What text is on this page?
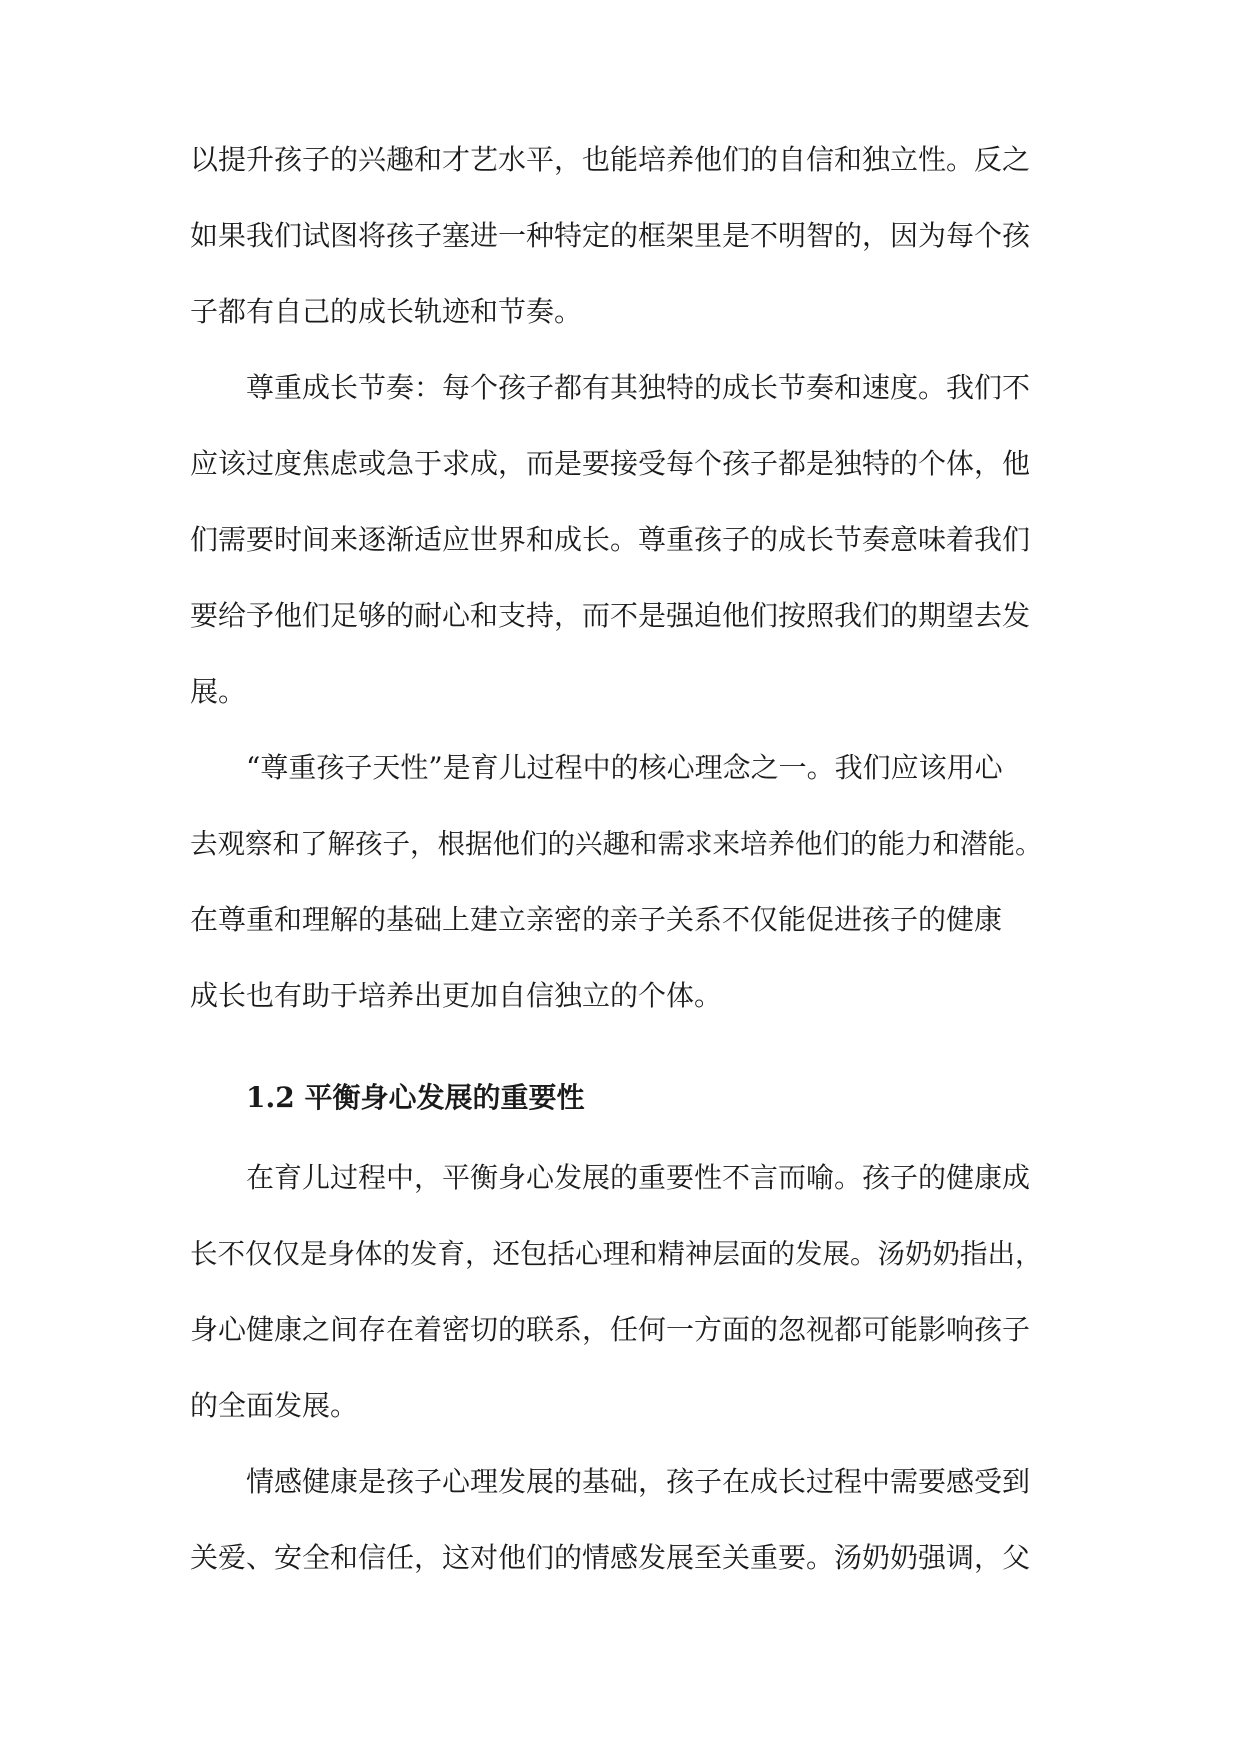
以提升孩子的兴趣和才艺水平，也能培养他们的自信和独立性。反之

如果我们试图将孩子塞进一种特定的框架里是不明智的，因为每个孩

子都有自己的成长轨迹和节奏。

尊重成长节奏：每个孩子都有其独特的成长节奏和速度。我们不

应该过度焦虑或急于求成，而是要接受每个孩子都是独特的个体，他

们需要时间来逐渐适应世界和成长。尊重孩子的成长节奏意味着我们

要给予他们足够的耐心和支持，而不是强迫他们按照我们的期望去发

展。

“尊重孩子天性”是育儿过程中的核心理念之一。我们应该用心

去观察和了解孩子，根据他们的兴趣和需求来培养他们的能力和潜能。

在尊重和理解的基础上建立亲密的亲子关系不仅能促进孩子的健康

成长也有助于培养出更加自信独立的个体。

1.2 平衡身心发展的重要性

在育儿过程中，平衡身心发展的重要性不言而喻。孩子的健康成

长不仅仅是身体的发育，还包括心理和精神层面的发展。汤奶奶指出，

身心健康之间存在着密切的联系，任何一方面的忽视都可能影响孩子

的全面发展。

情感健康是孩子心理发展的基础，孩子在成长过程中需要感受到

关爱、安全和信任，这对他们的情感发展至关重要。汤奶奶强调，父
